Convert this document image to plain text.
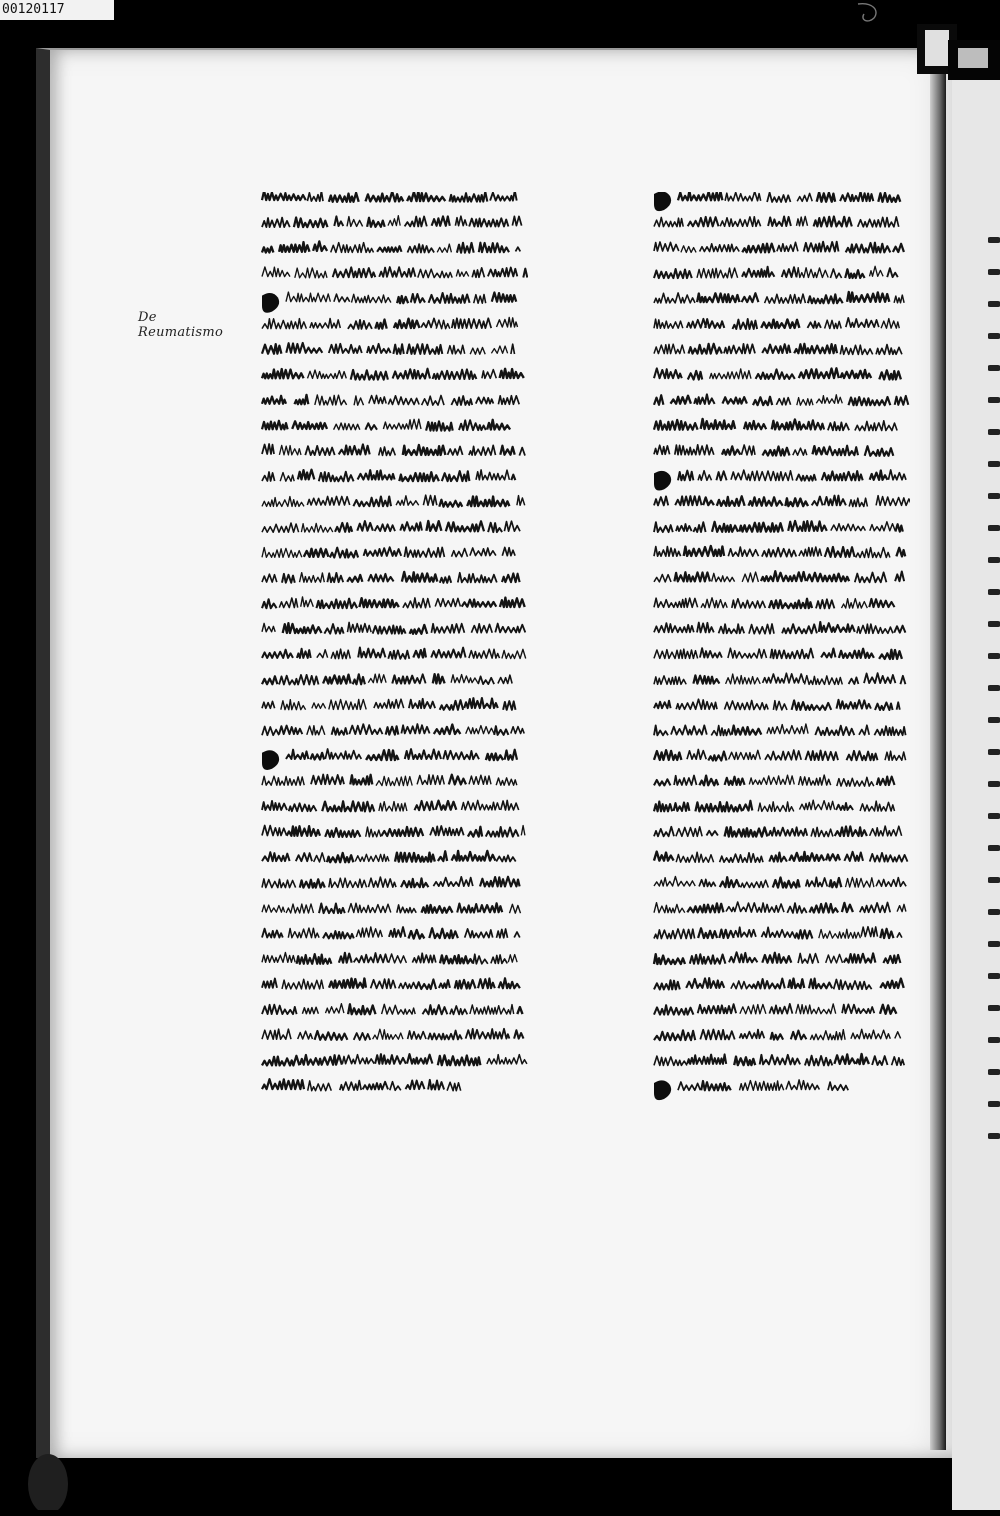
00120117
De Reumatismo
